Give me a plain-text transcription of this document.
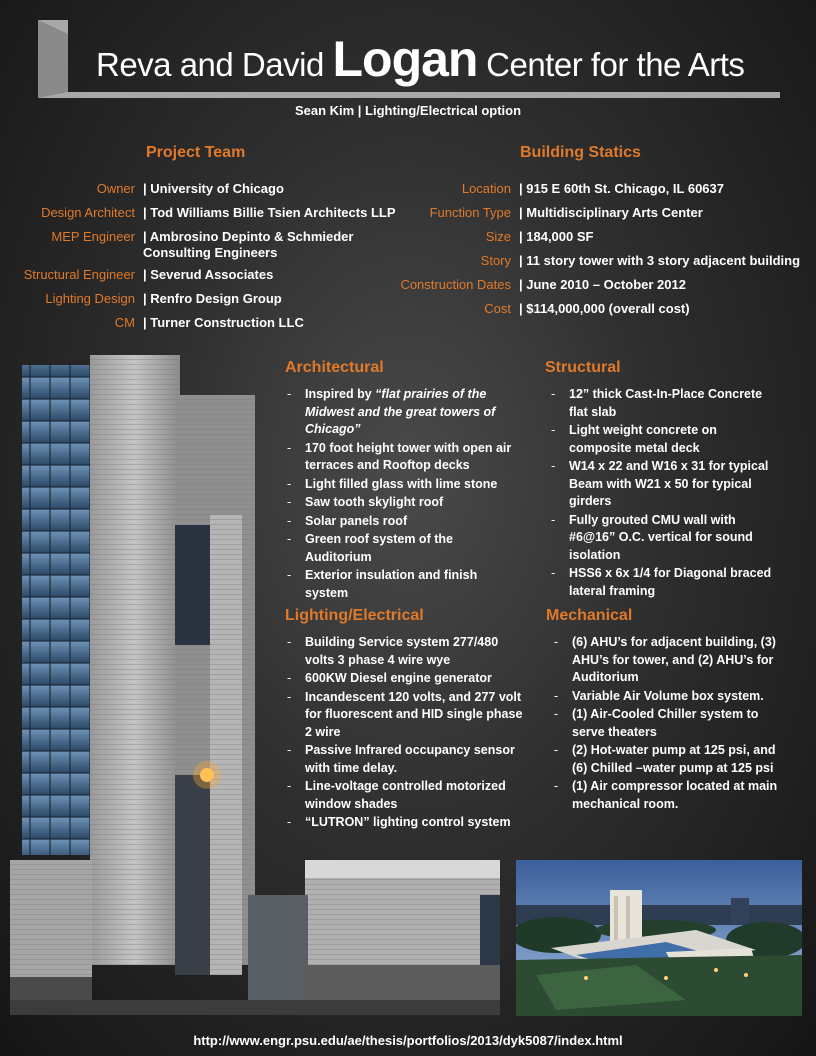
Reva and David Logan Center for the Arts
Sean Kim | Lighting/Electrical option
Project Team
Owner	| University of Chicago
Design Architect	| Tod Williams Billie Tsien Architects LLP
MEP Engineer	| Ambrosino Depinto & Schmieder Consulting Engineers
Structural Engineer	| Severud Associates
Lighting Design	| Renfro Design Group
CM	| Turner Construction LLC
Building Statics
Location	| 915 E 60th St. Chicago, IL 60637
Function Type	| Multidisciplinary Arts Center
Size	| 184,000 SF
Story	| 11 story tower with 3 story adjacent building
Construction Dates	| June 2010 – October 2012
Cost	| $114,000,000 (overall cost)
Architectural
- Inspired by “flat prairies of the Midwest and the great towers of Chicago”
- 170 foot height tower with open air terraces and Rooftop decks
- Light filled glass with lime stone
- Saw tooth skylight roof
- Solar panels roof
- Green roof system of the Auditorium
- Exterior insulation and finish system
Structural
- 12” thick Cast-In-Place Concrete flat slab
- Light weight concrete on composite metal deck
- W14 x 22 and W16 x 31 for typical Beam with W21 x 50 for typical girders
- Fully grouted CMU wall with #6@16” O.C. vertical for sound isolation
- HSS6 x 6x 1/4 for Diagonal braced lateral framing
Lighting/Electrical
- Building Service system 277/480 volts 3 phase 4 wire wye
- 600KW Diesel engine generator
- Incandescent 120 volts, and 277 volt for fluorescent and HID single phase 2 wire
- Passive Infrared occupancy sensor with time delay.
- Line-voltage controlled motorized window shades
- “LUTRON” lighting control system
Mechanical
- (6) AHU’s for adjacent building, (3) AHU’s for tower, and (2) AHU’s for Auditorium
- Variable Air Volume box system.
- (1) Air-Cooled Chiller system to serve theaters
- (2) Hot-water pump at 125 psi, and (6) Chilled –water pump at 125 psi
- (1) Air compressor located at main mechanical room.
http://www.engr.psu.edu/ae/thesis/portfolios/2013/dyk5087/index.html
